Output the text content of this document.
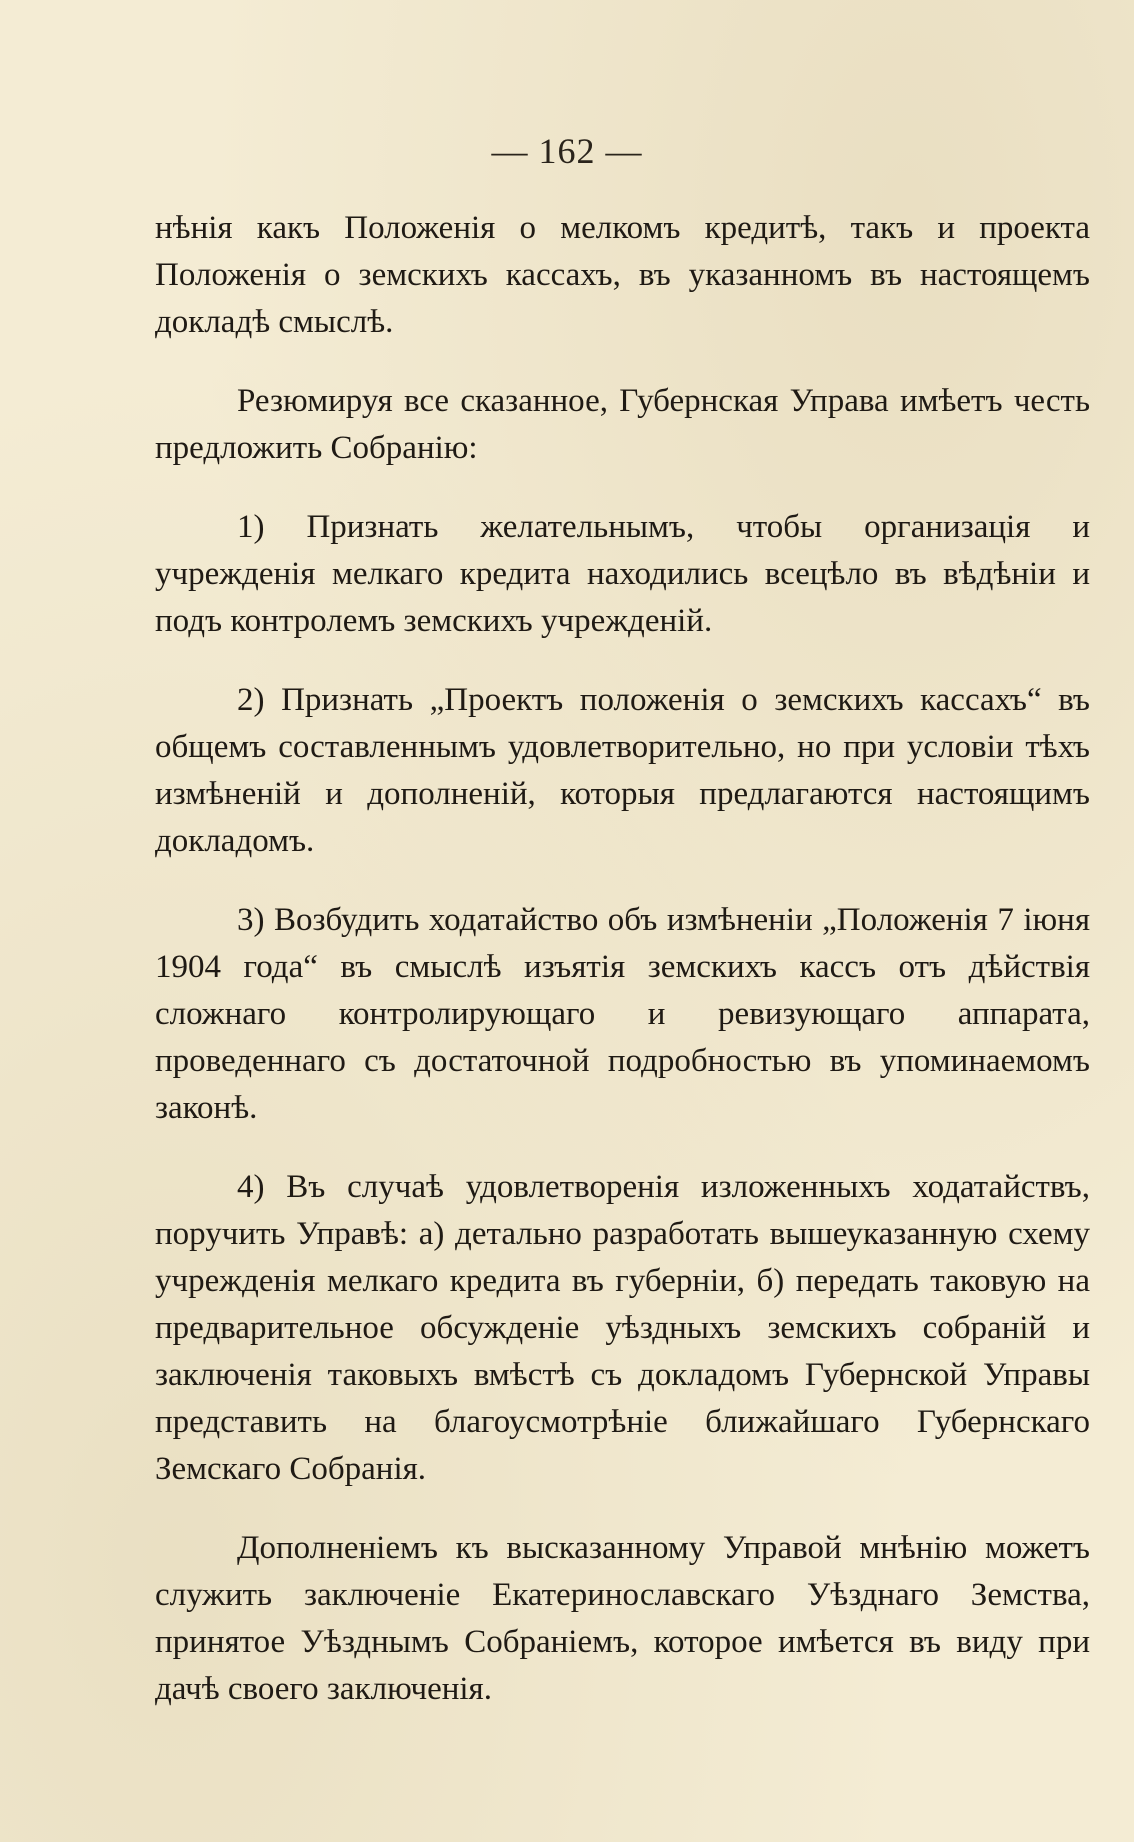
— 162 —

нѣнія какъ Положенія о мелкомъ кредитѣ, такъ и проекта Положенія о земскихъ кассахъ, въ указанномъ въ настоящемъ докладѣ смыслѣ.

Резюмируя все сказанное, Губернская Управа имѣетъ честь предложить Собранію:

1) Признать желательнымъ, чтобы организація и учрежденія мелкаго кредита находились всецѣло въ вѣдѣніи и подъ контролемъ земскихъ учрежденій.

2) Признать „Проектъ положенія о земскихъ кассахъ“ въ общемъ составленнымъ удовлетворительно, но при условіи тѣхъ измѣненій и дополненій, которыя предлагаются настоящимъ докладомъ.

3) Возбудить ходатайство объ измѣненіи „Положенія 7 іюня 1904 года“ въ смыслѣ изъятія земскихъ кассъ отъ дѣйствія сложнаго контролирующаго и ревизующаго аппарата, проведеннаго съ достаточной подробностью въ упоминаемомъ законѣ.

4) Въ случаѣ удовлетворенія изложенныхъ ходатайствъ, поручить Управѣ: а) детально разработать вышеуказанную схему учрежденія мелкаго кредита въ губерніи, б) передать таковую на предварительное обсужденіе уѣздныхъ земскихъ собраній и заключенія таковыхъ вмѣстѣ съ докладомъ Губернской Управы представить на благоусмотрѣніе ближайшаго Губернскаго Земскаго Собранія.

Дополненіемъ къ высказанному Управой мнѣнію можетъ служить заключеніе Екатеринославскаго Уѣзднаго Земства, принятое Уѣзднымъ Собраніемъ, которое имѣется въ виду при дачѣ своего заключенія.
